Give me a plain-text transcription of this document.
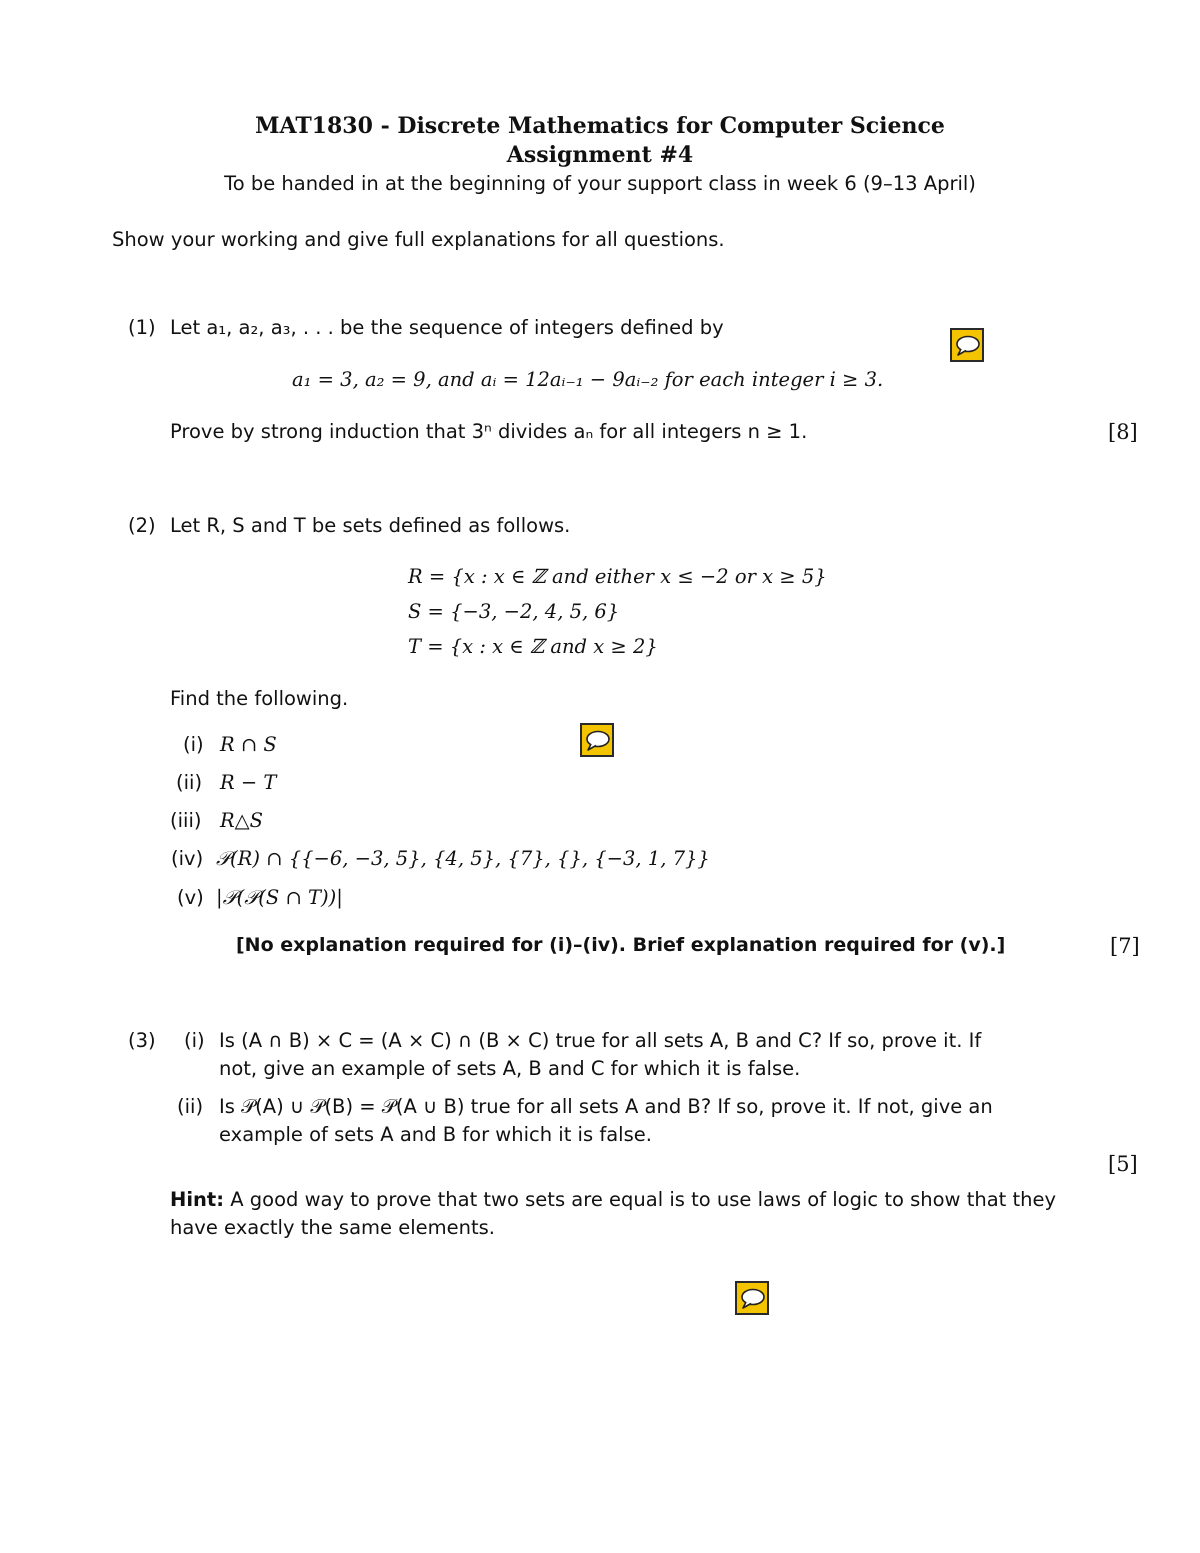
MAT1830 - Discrete Mathematics for Computer Science
Assignment #4
To be handed in at the beginning of your support class in week 6 (9–13 April)
Show your working and give full explanations for all questions.
(1) Let a₁, a₂, a₃, . . . be the sequence of integers defined by
a₁ = 3, a₂ = 9, and aᵢ = 12aᵢ₋₁ − 9aᵢ₋₂ for each integer i ≥ 3.
Prove by strong induction that 3ⁿ divides aₙ for all integers n ≥ 1.	[8]
(2) Let R, S and T be sets defined as follows.
R = {x : x ∈ ℤ and either x ≤ −2 or x ≥ 5}
S = {−3, −2, 4, 5, 6}
T = {x : x ∈ ℤ and x ≥ 2}
Find the following.
(i) R ∩ S
(ii) R − T
(iii) R△S
(iv) 𝒫(R) ∩ {{−6, −3, 5}, {4, 5}, {7}, {}, {−3, 1, 7}}
(v) |𝒫(𝒫(S ∩ T))|
[No explanation required for (i)–(iv). Brief explanation required for (v).]	[7]
(3) (i) Is (A ∩ B) × C = (A × C) ∩ (B × C) true for all sets A, B and C? If so, prove it. If
not, give an example of sets A, B and C for which it is false.
(ii) Is 𝒫(A) ∪ 𝒫(B) = 𝒫(A ∪ B) true for all sets A and B? If so, prove it. If not, give an
example of sets A and B for which it is false.
[5]
Hint: A good way to prove that two sets are equal is to use laws of logic to show that they
have exactly the same elements.
